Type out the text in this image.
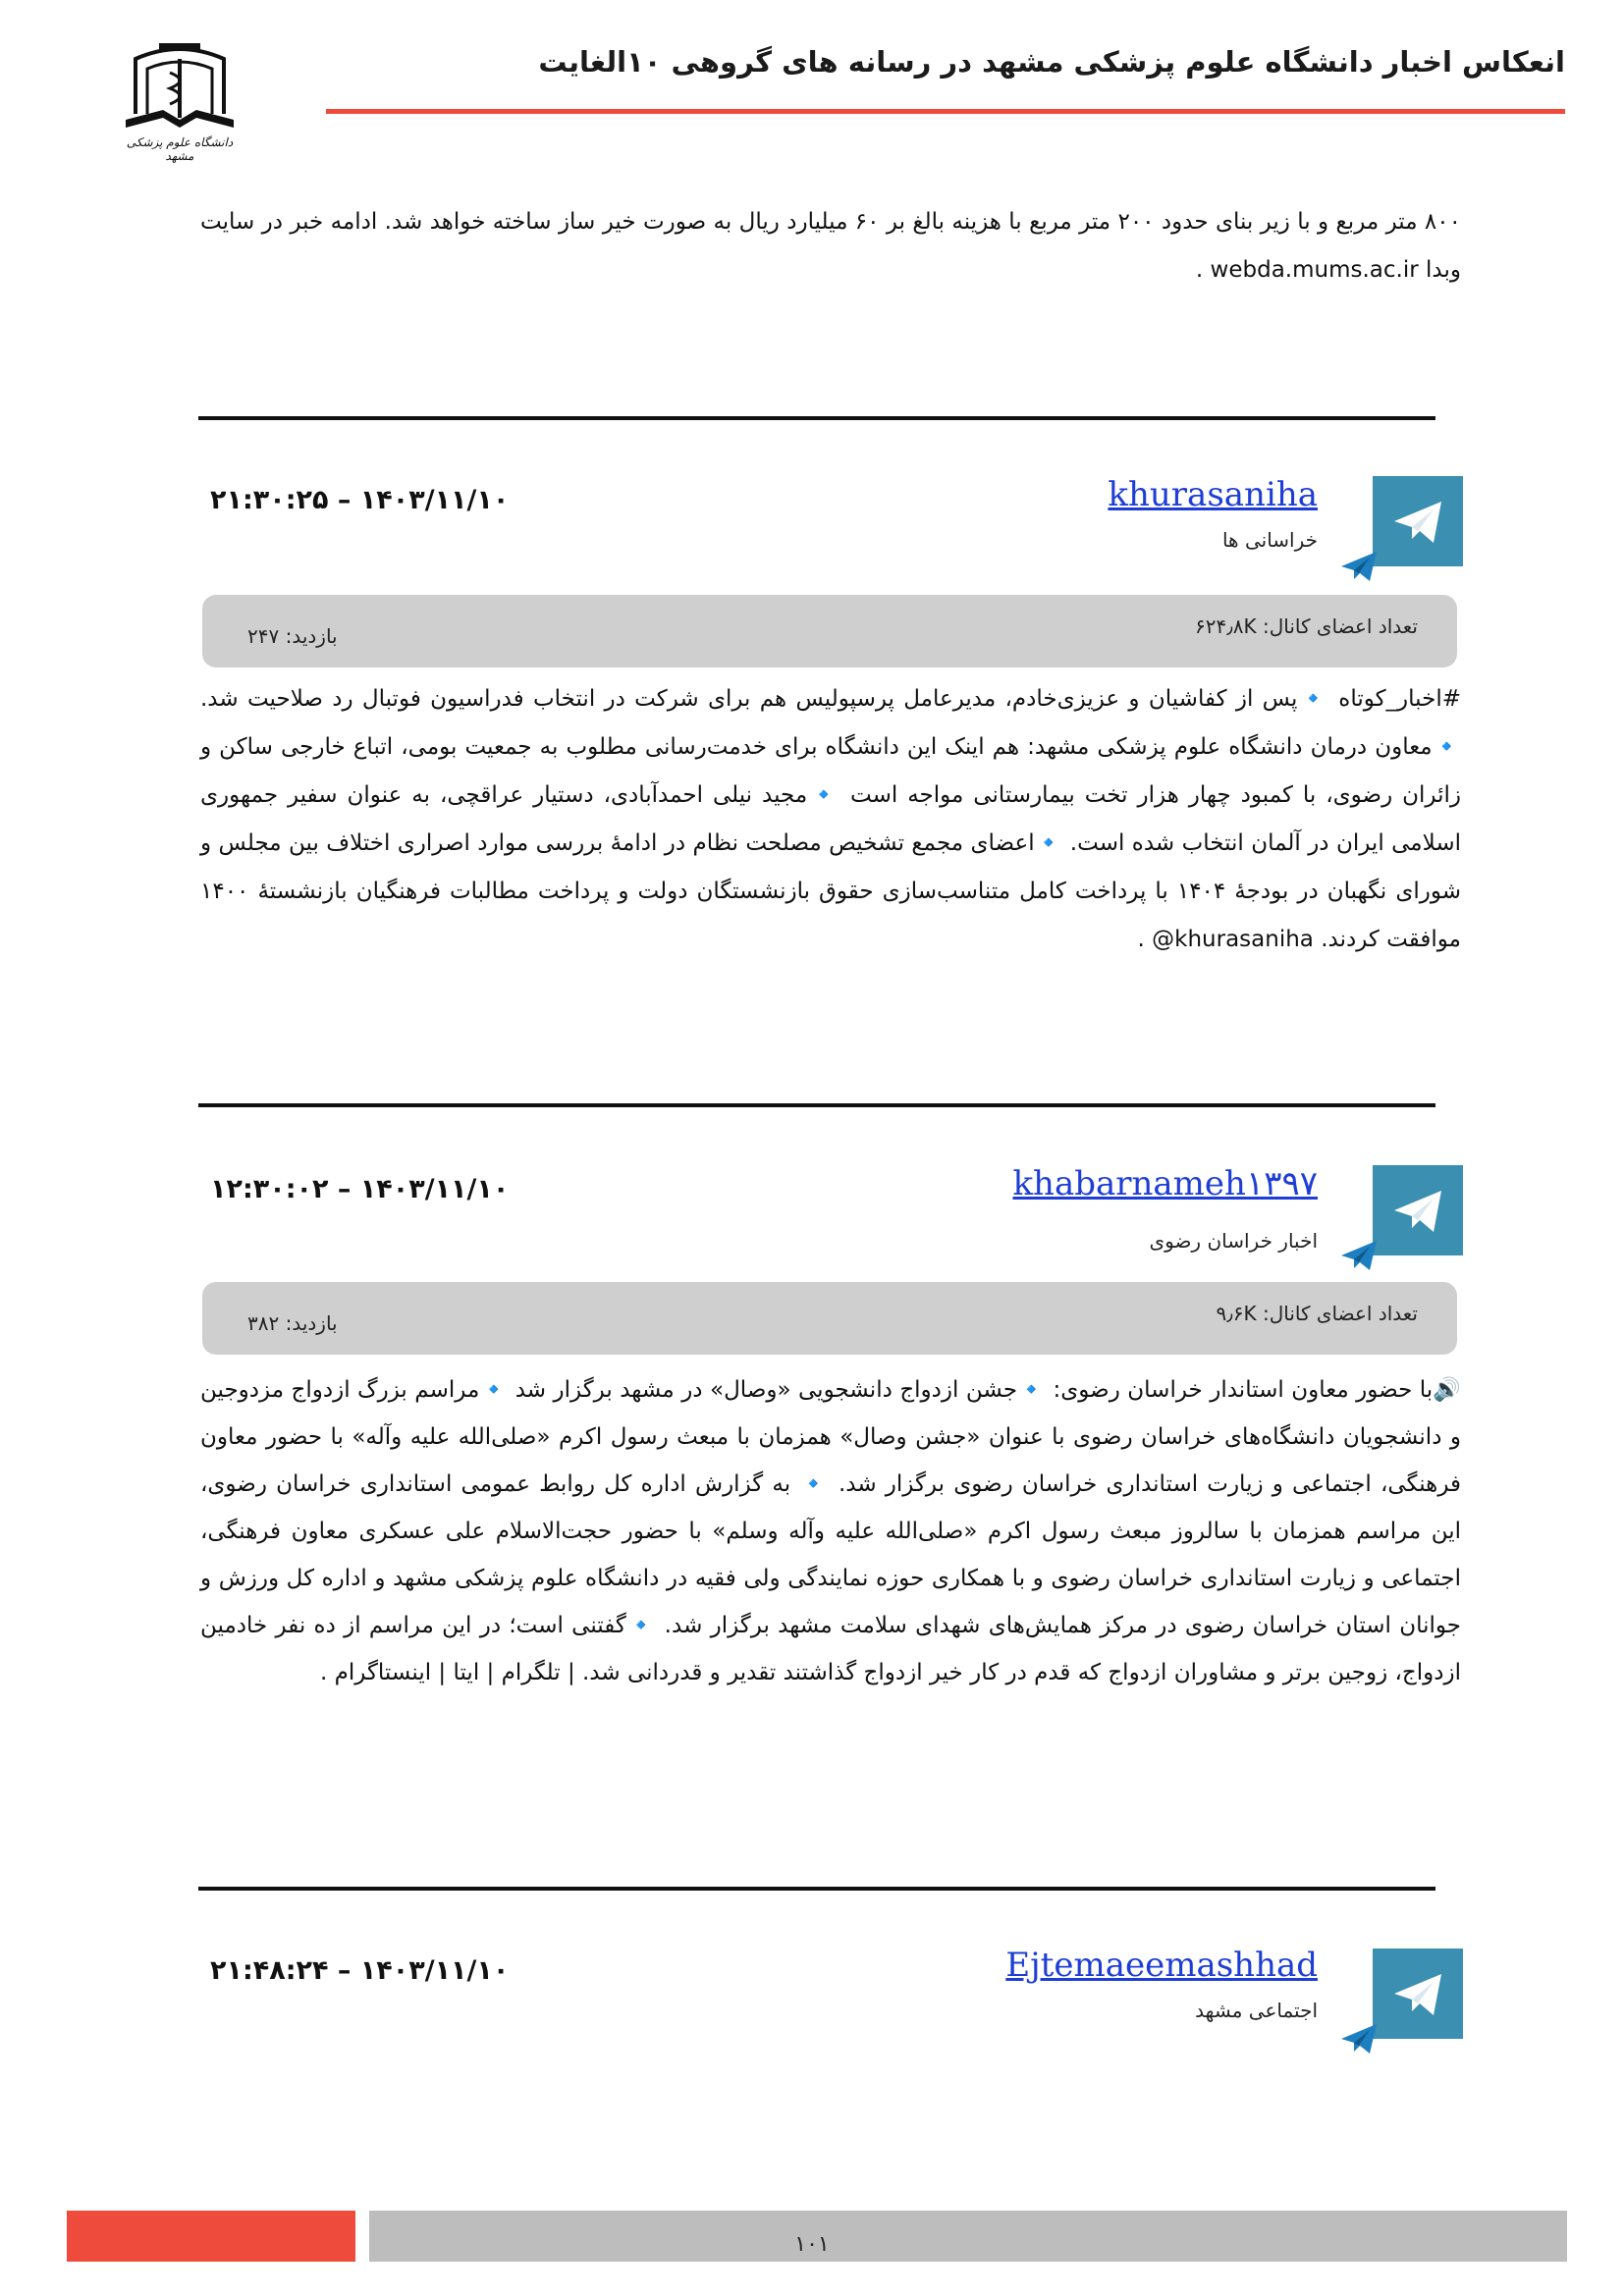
دانشگاه علوم پزشکی مشهد
انعکاس اخبار دانشگاه علوم پزشکی مشهد در رسانه های گروهی ۱۰الغایت
۸۰۰ متر مربع و با زیر بنای حدود ۲۰۰ متر مربع با هزینه بالغ بر ۶۰ میلیارد ریال به صورت خیر ساز ساخته خواهد شد. ادامه خبر در سایت وبدا webda.mums.ac.ir .
khurasaniha
خراسانی ها
۱۴۰۳/۱۱/۱۰ – ۲۱:۳۰:۲۵
تعداد اعضای کانال: ۶۲۴٫۸K
بازدید: ۲۴۷
#اخبار_کوتاه 🔹پس از کفاشیان و عزیزی‌خادم، مدیرعامل پرسپولیس هم برای شرکت در انتخاب فدراسیون فوتبال رد صلاحیت شد. 🔹معاون درمان دانشگاه علوم پزشکی مشهد: هم اینک این دانشگاه برای خدمت‌رسانی مطلوب به جمعیت بومی، اتباع خارجی ساکن و زائران رضوی، با کمبود چهار هزار تخت بیمارستانی مواجه است 🔹مجید نیلی احمدآبادی، دستیار عراقچی، به عنوان سفیر جمهوری اسلامی ایران در آلمان انتخاب شده است. 🔹اعضای مجمع تشخیص مصلحت نظام در ادامهٔ بررسی موارد اصراری اختلاف بین مجلس و شورای نگهبان در بودجهٔ ۱۴۰۴ با پرداخت کامل متناسب‌سازی حقوق بازنشستگان دولت و پرداخت مطالبات فرهنگیان بازنشستهٔ ۱۴۰۰ موافقت کردند. khurasaniha@ .
khabarnameh۱۳۹۷
اخبار خراسان رضوی
۱۴۰۳/۱۱/۱۰ – ۱۲:۳۰:۰۲
تعداد اعضای کانال: ۹٫۶K
بازدید: ۳۸۲
🔊با حضور معاون استاندار خراسان رضوی: 🔹جشن ازدواج دانشجویی «وصال» در مشهد برگزار شد 🔹مراسم بزرگ ازدواج مزدوجین و دانشجویان دانشگاه‌های خراسان رضوی با عنوان «جشن وصال» همزمان با مبعث رسول اکرم «صلی‌الله علیه وآله» با حضور معاون فرهنگی، اجتماعی و زیارت استانداری خراسان رضوی برگزار شد. 🔹 به گزارش اداره کل روابط عمومی استانداری خراسان رضوی، این مراسم همزمان با سالروز مبعث رسول اکرم «صلی‌الله علیه وآله وسلم» با حضور حجت‌الاسلام علی عسکری معاون فرهنگی، اجتماعی و زیارت استانداری خراسان رضوی و با همکاری حوزه نمایندگی ولی فقیه در دانشگاه علوم پزشکی مشهد و اداره کل ورزش و جوانان استان خراسان رضوی در مرکز همایش‌های شهدای سلامت مشهد برگزار شد. 🔹گفتنی است؛ در این مراسم از ده نفر خادمین ازدواج، زوجین برتر و مشاوران ازدواج که قدم در کار خیر ازدواج گذاشتند تقدیر و قدردانی شد. | تلگرام | ایتا | اینستاگرام .
Ejtemaeemashhad
اجتماعی مشهد
۱۴۰۳/۱۱/۱۰ – ۲۱:۴۸:۲۴
۱۰۱
